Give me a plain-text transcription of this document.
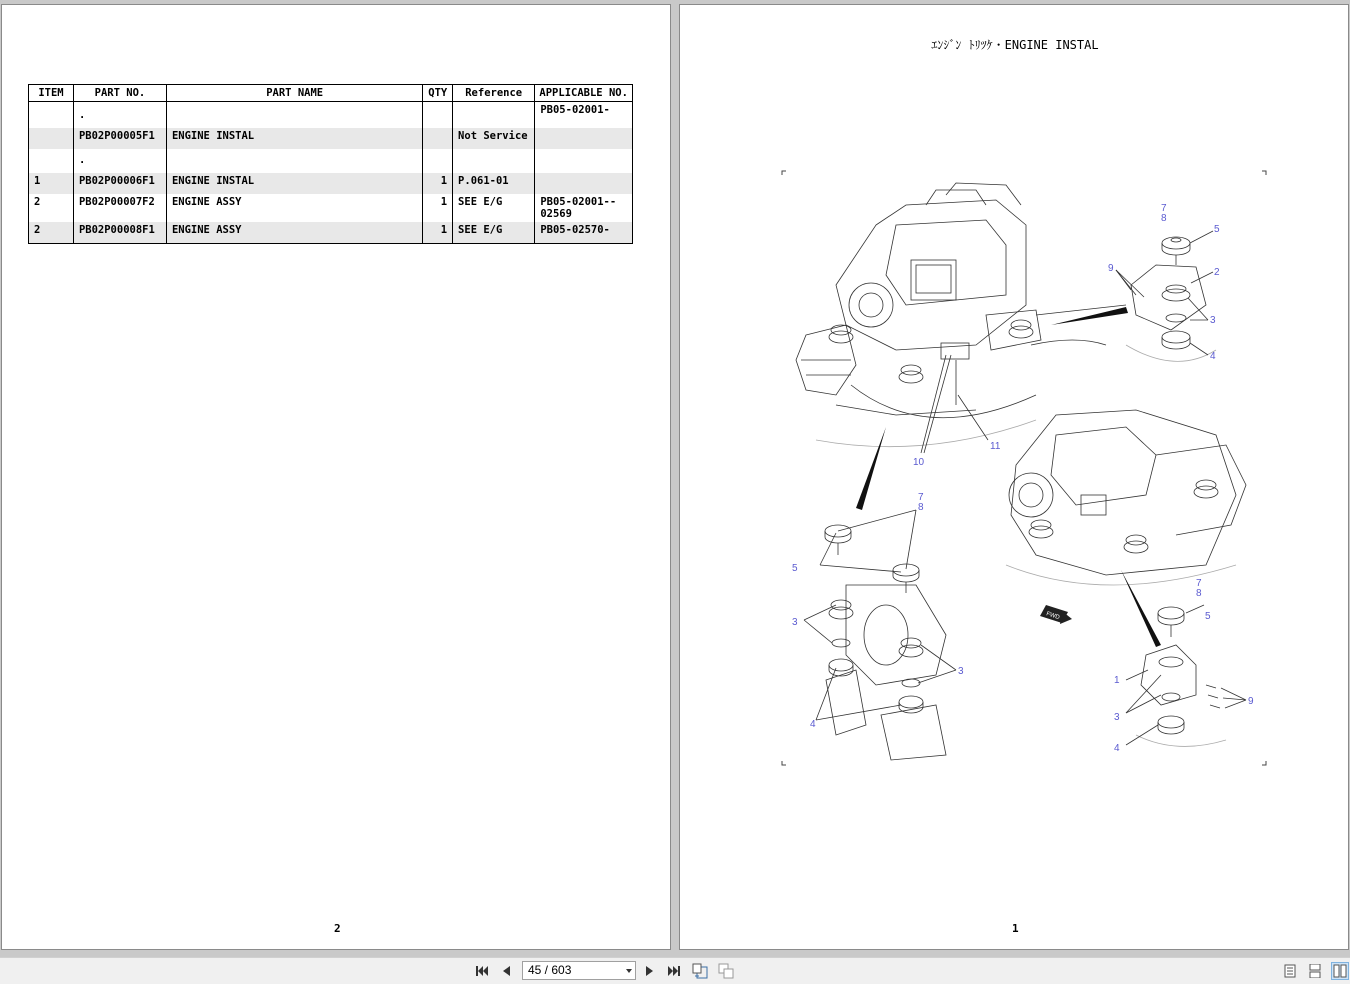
ITEM	PART NO.	PART NAME	QTY	Reference	APPLICABLE NO.
	.				PB05-02001-
	PB02P00005F1	ENGINE INSTAL		Not Service	
	.				
1	PB02P00006F1	ENGINE INSTAL	1	P.061-01	
2	PB02P00007F2	ENGINE ASSY	1	SEE E/G	PB05-02001--
02569

2	PB02P00008F1	ENGINE ASSY	1	SEE E/G	PB05-02570-
2
ｴﾝｼﾞﾝ ﾄﾘﾂｹ・ENGINE INSTAL
FWD
7
8
5
9	2
3
4
11
10
7
8
5
3
3
4
7
8
5
1
9
3
4
1
45 / 603
